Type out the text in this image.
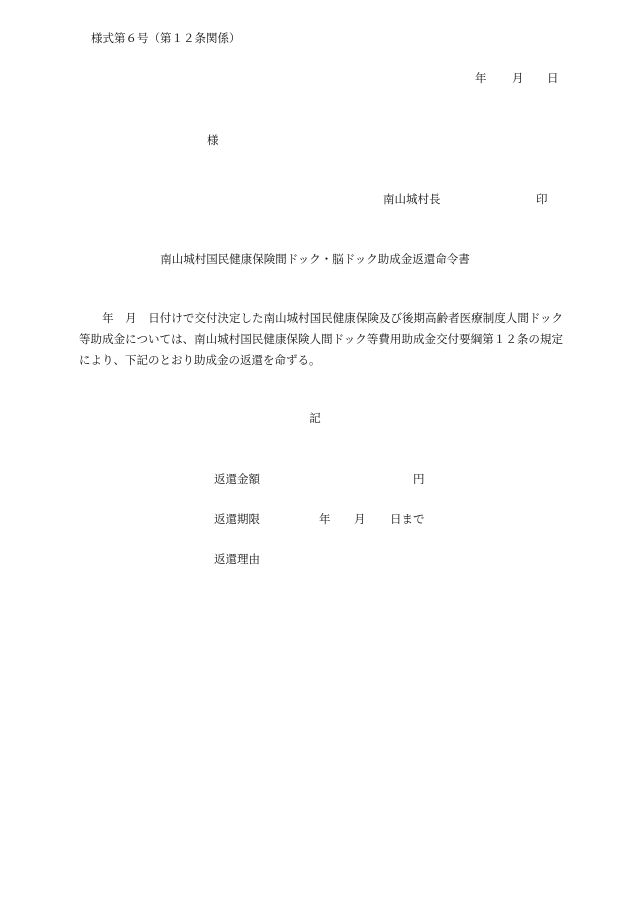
様式第６号（第１２条関係）
年 月 日
様
南山城村長	印
南山城村国民健康保険間ドック・脳ドック助成金返還命令書
　　年　月　日付けで交付決定した南山城村国民健康保険及び後期高齢者医療制度人間ドック等助成金については、南山城村国民健康保険人間ドック等費用助成金交付要綱第１２条の規定により、下記のとおり助成金の返還を命ずる。
記
返還金額	円
返還期限	年 月 日まで
返還理由
